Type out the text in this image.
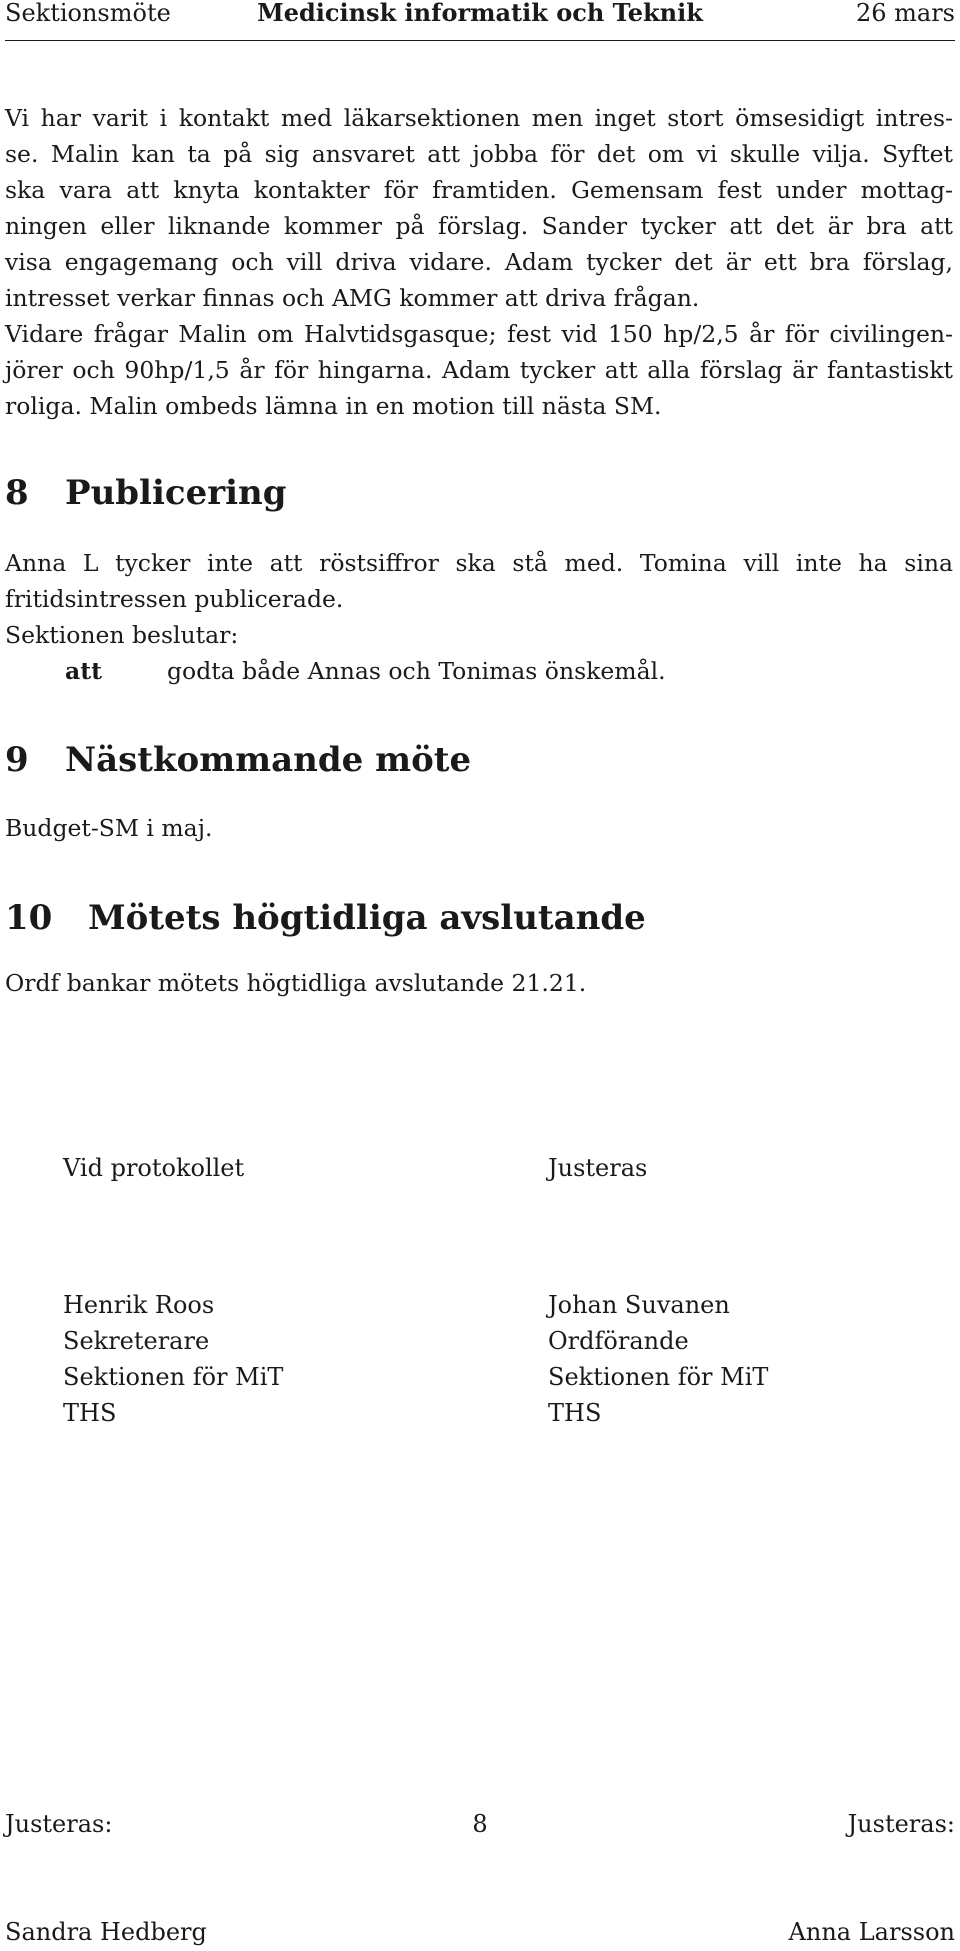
Sektionsmöte	Medicinsk informatik och Teknik	26 mars
Vi har varit i kontakt med läkarsektionen men inget stort ömsesidigt intres-
se. Malin kan ta på sig ansvaret att jobba för det om vi skulle vilja. Syftet
ska vara att knyta kontakter för framtiden. Gemensam fest under mottag-
ningen eller liknande kommer på förslag. Sander tycker att det är bra att
visa engagemang och vill driva vidare. Adam tycker det är ett bra förslag,
intresset verkar finnas och AMG kommer att driva frågan.
Vidare frågar Malin om Halvtidsgasque; fest vid 150 hp/2,5 år för civilingen-
jörer och 90hp/1,5 år för hingarna. Adam tycker att alla förslag är fantastiskt
roliga. Malin ombeds lämna in en motion till nästa SM.
8 Publicering
Anna L tycker inte att röstsiffror ska stå med. Tomina vill inte ha sina
fritidsintressen publicerade.
Sektionen beslutar:
att	godta både Annas och Tonimas önskemål.
9 Nästkommande möte
Budget-SM i maj.
10 Mötets högtidliga avslutande
Ordf bankar mötets högtidliga avslutande 21.21.
Vid protokollet	Justeras
Henrik Roos
Sekreterare
Sektionen för MiT
THS
Johan Suvanen
Ordförande
Sektionen för MiT
THS
Justeras:	8	Justeras:
Sandra Hedberg	Anna Larsson
